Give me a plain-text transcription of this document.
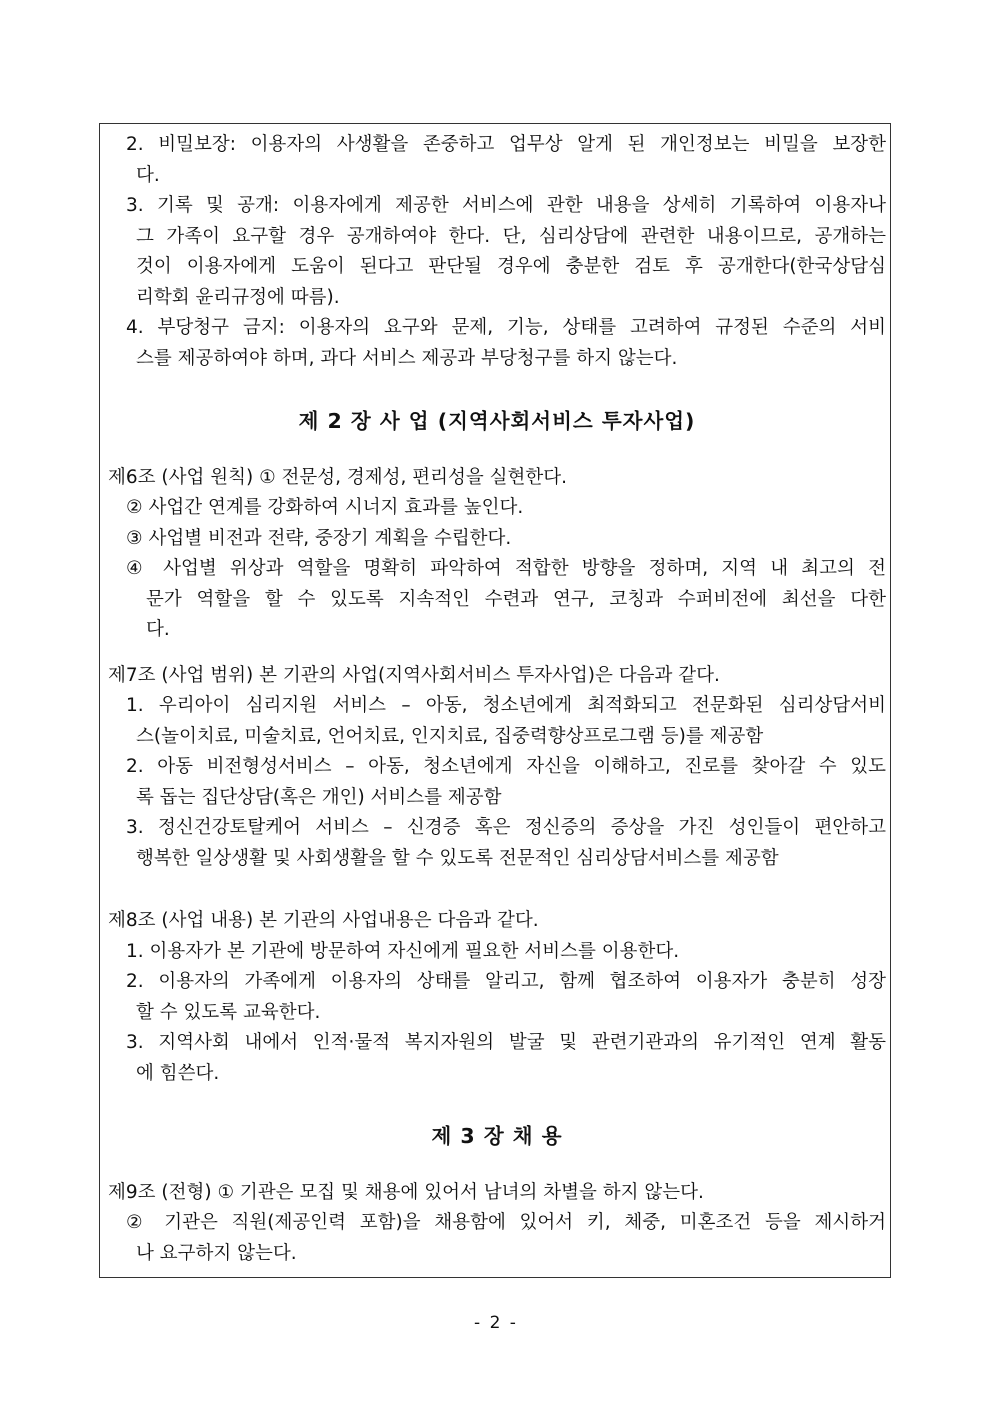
2. 비밀보장: 이용자의 사생활을 존중하고 업무상 알게 된 개인정보는 비밀을 보장한
다.
3. 기록 및 공개: 이용자에게 제공한 서비스에 관한 내용을 상세히 기록하여 이용자나
그 가족이 요구할 경우 공개하여야 한다. 단, 심리상담에 관련한 내용이므로, 공개하는
것이 이용자에게 도움이 된다고 판단될 경우에 충분한 검토 후 공개한다(한국상담심
리학회 윤리규정에 따름).
4. 부당청구 금지: 이용자의 요구와 문제, 기능, 상태를 고려하여 규정된 수준의 서비
스를 제공하여야 하며, 과다 서비스 제공과 부당청구를 하지 않는다.
제 2 장 사 업 (지역사회서비스 투자사업)
제6조 (사업 원칙) ① 전문성, 경제성, 편리성을 실현한다.
② 사업간 연계를 강화하여 시너지 효과를 높인다.
③ 사업별 비전과 전략, 중장기 계획을 수립한다.
④ 사업별 위상과 역할을 명확히 파악하여 적합한 방향을 정하며, 지역 내 최고의 전
문가 역할을 할 수 있도록 지속적인 수련과 연구, 코칭과 수퍼비전에 최선을 다한
다.
제7조 (사업 범위) 본 기관의 사업(지역사회서비스 투자사업)은 다음과 같다.
1. 우리아이 심리지원 서비스 – 아동, 청소년에게 최적화되고 전문화된 심리상담서비
스(놀이치료, 미술치료, 언어치료, 인지치료, 집중력향상프로그램 등)를 제공함
2. 아동 비전형성서비스 – 아동, 청소년에게 자신을 이해하고, 진로를 찾아갈 수 있도
록 돕는 집단상담(혹은 개인) 서비스를 제공함
3. 정신건강토탈케어 서비스 – 신경증 혹은 정신증의 증상을 가진 성인들이 편안하고
행복한 일상생활 및 사회생활을 할 수 있도록 전문적인 심리상담서비스를 제공함
제8조 (사업 내용) 본 기관의 사업내용은 다음과 같다.
1. 이용자가 본 기관에 방문하여 자신에게 필요한 서비스를 이용한다.
2. 이용자의 가족에게 이용자의 상태를 알리고, 함께 협조하여 이용자가 충분히 성장
할 수 있도록 교육한다.
3. 지역사회 내에서 인적·물적 복지자원의 발굴 및 관련기관과의 유기적인 연계 활동
에 힘쓴다.
제 3 장 채 용
제9조 (전형) ① 기관은 모집 및 채용에 있어서 남녀의 차별을 하지 않는다.
② 기관은 직원(제공인력 포함)을 채용함에 있어서 키, 체중, 미혼조건 등을 제시하거
나 요구하지 않는다.
- 2 -
